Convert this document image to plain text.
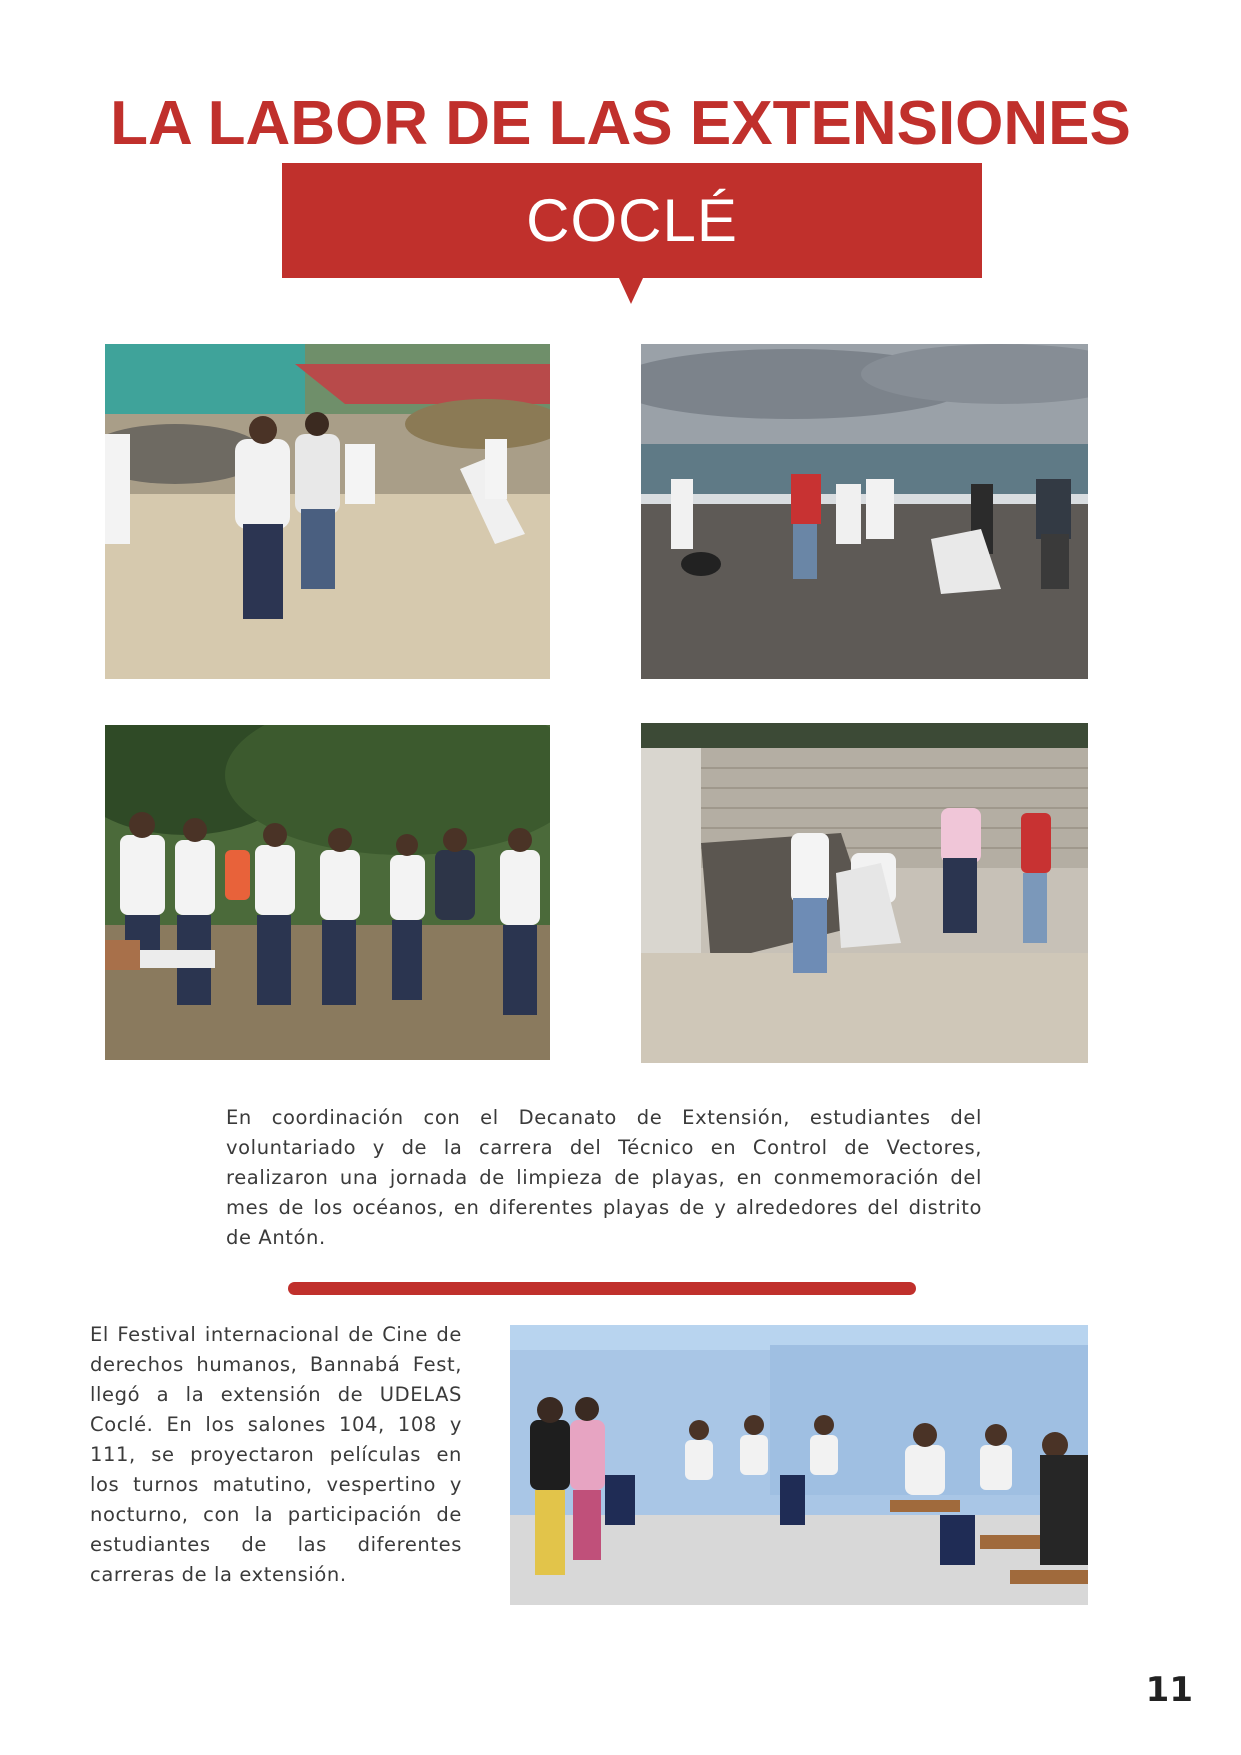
LA LABOR DE LAS EXTENSIONES
COCLÉ

En coordinación con el Decanato de Extensión, estudiantes del voluntariado y de la carrera del Técnico en Control de Vectores, realizaron una jornada de limpieza de playas, en conmemoración del mes de los océanos, en diferentes playas de y alrededores del distrito de Antón.

El Festival internacional de Cine de derechos humanos, Bannabá Fest, llegó a la extensión de UDELAS Coclé. En los salones 104, 108 y 111, se proyectaron películas en los turnos matutino, vespertino y nocturno, con la participación de estudiantes de las diferentes carreras de la extensión.

11
